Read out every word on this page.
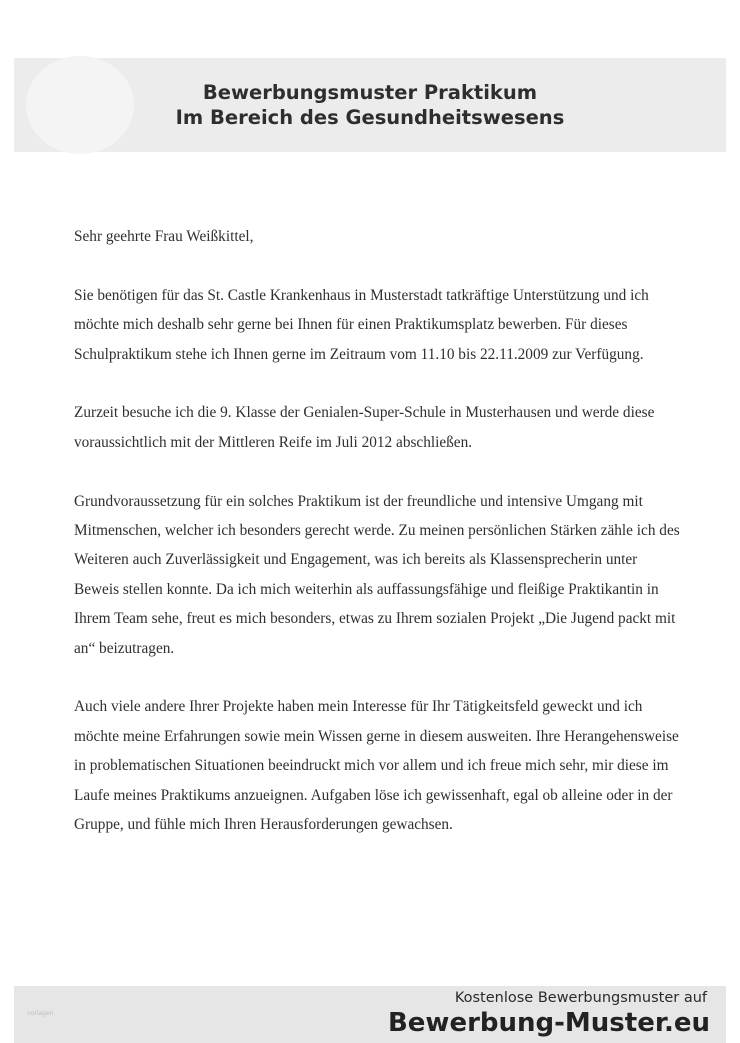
Bewerbungsmuster Praktikum
Im Bereich des Gesundheitswesens

Sehr geehrte Frau Weißkittel,

Sie benötigen für das St. Castle Krankenhaus in Musterstadt tatkräftige Unterstützung und ich möchte mich deshalb sehr gerne bei Ihnen für einen Praktikumsplatz bewerben. Für dieses Schulpraktikum stehe ich Ihnen gerne im Zeitraum vom 11.10 bis 22.11.2009 zur Verfügung.

Zurzeit besuche ich die 9. Klasse der Genialen-Super-Schule in Musterhausen und werde diese voraussichtlich mit der Mittleren Reife im Juli 2012 abschließen.

Grundvoraussetzung für ein solches Praktikum ist der freundliche und intensive Umgang mit Mitmenschen, welcher ich besonders gerecht werde. Zu meinen persönlichen Stärken zähle ich des Weiteren auch Zuverlässigkeit und Engagement, was ich bereits als Klassensprecherin unter Beweis stellen konnte. Da ich mich weiterhin als auffassungsfähige und fleißige Praktikantin in Ihrem Team sehe, freut es mich besonders, etwas zu Ihrem sozialen Projekt „Die Jugend packt mit an“ beizutragen.

Auch viele andere Ihrer Projekte haben mein Interesse für Ihr Tätigkeitsfeld geweckt und ich möchte meine Erfahrungen sowie mein Wissen gerne in diesem ausweiten. Ihre Herangehensweise in problematischen Situationen beeindruckt mich vor allem und ich freue mich sehr, mir diese im Laufe meines Praktikums anzueignen. Aufgaben löse ich gewissenhaft, egal ob alleine oder in der Gruppe, und fühle mich Ihren Herausforderungen gewachsen.

vorlagen
Kostenlose Bewerbungsmuster auf
Bewerbung-Muster.eu
